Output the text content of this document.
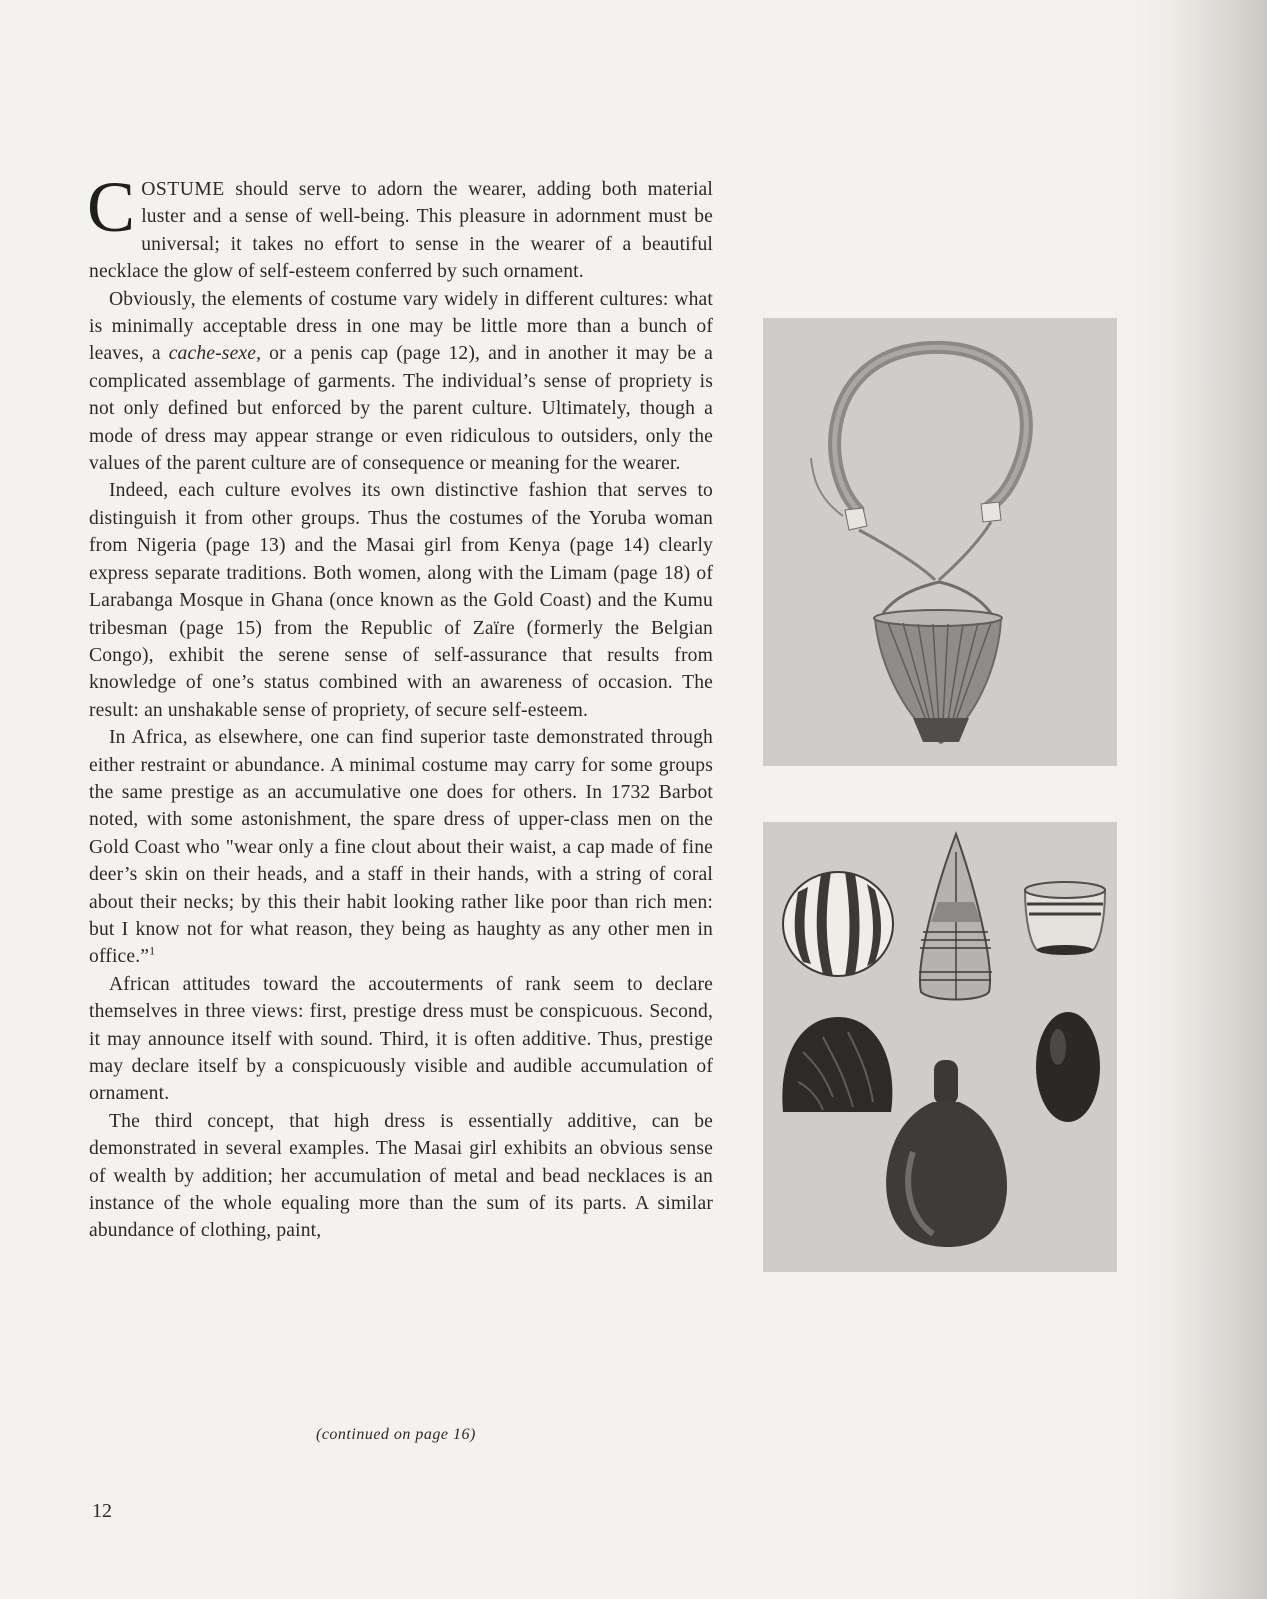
COSTUME should serve to adorn the wearer, adding both material luster and a sense of well-being. This pleasure in adornment must be universal; it takes no effort to sense in the wearer of a beautiful necklace the glow of self-esteem conferred by such ornament.

Obviously, the elements of costume vary widely in different cultures: what is minimally acceptable dress in one may be little more than a bunch of leaves, a cache-sexe, or a penis cap (page 12), and in another it may be a complicated assemblage of garments. The individual’s sense of propriety is not only defined but enforced by the parent culture. Ultimately, though a mode of dress may appear strange or even ridiculous to outsiders, only the values of the parent culture are of consequence or meaning for the wearer.

Indeed, each culture evolves its own distinctive fashion that serves to distinguish it from other groups. Thus the costumes of the Yoruba woman from Nigeria (page 13) and the Masai girl from Kenya (page 14) clearly express separate traditions. Both women, along with the Limam (page 18) of Larabanga Mosque in Ghana (once known as the Gold Coast) and the Kumu tribesman (page 15) from the Republic of Zaïre (formerly the Belgian Congo), exhibit the serene sense of self-assurance that results from knowledge of one’s status combined with an awareness of occasion. The result: an unshakable sense of propriety, of secure self-esteem.

In Africa, as elsewhere, one can find superior taste demonstrated through either restraint or abundance. A minimal costume may carry for some groups the same prestige as an accumulative one does for others. In 1732 Barbot noted, with some astonishment, the spare dress of upper-class men on the Gold Coast who "wear only a fine clout about their waist, a cap made of fine deer’s skin on their heads, and a staff in their hands, with a string of coral about their necks; by this their habit looking rather like poor than rich men: but I know not for what reason, they being as haughty as any other men in office.”$^1$

African attitudes toward the accouterments of rank seem to declare themselves in three views: first, prestige dress must be conspicuous. Second, it may announce itself with sound. Third, it is often additive. Thus, prestige may declare itself by a conspicuously visible and audible accumulation of ornament.

The third concept, that high dress is essentially additive, can be demonstrated in several examples. The Masai girl exhibits an obvious sense of wealth by addition; her accumulation of metal and bead necklaces is an instance of the whole equaling more than the sum of its parts. A similar abundance of clothing, paint,

(continued on page 16)
12
